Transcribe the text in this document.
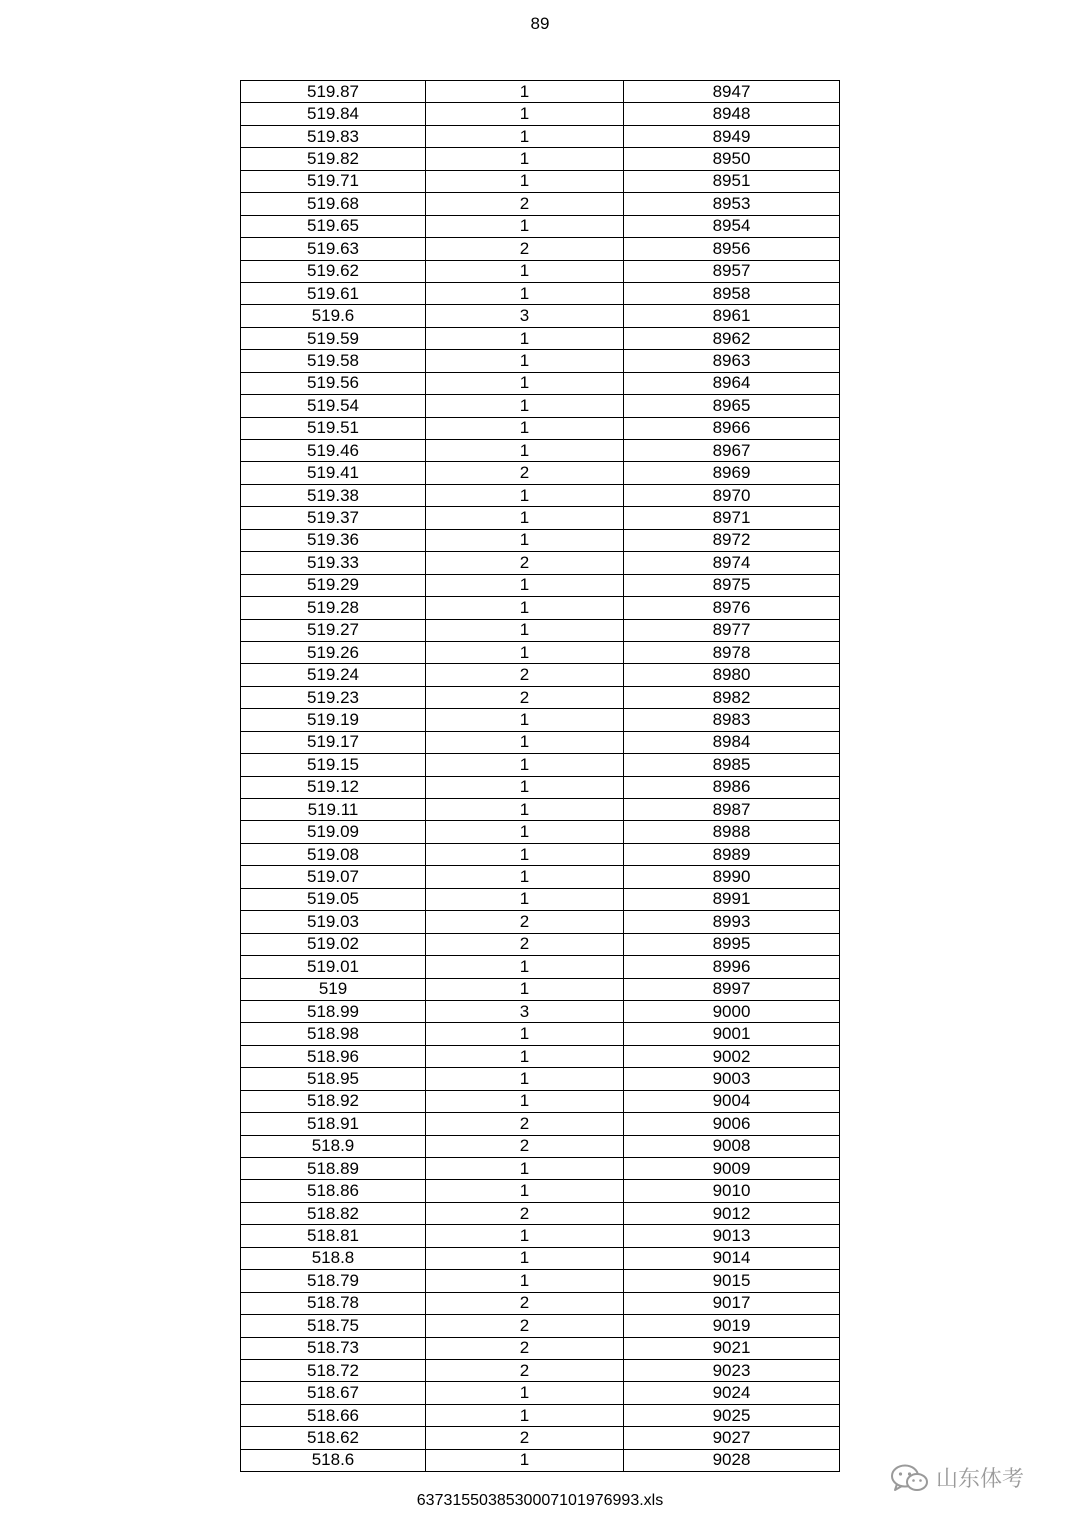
89
519.87	1	8947
519.84	1	8948
519.83	1	8949
519.82	1	8950
519.71	1	8951
519.68	2	8953
519.65	1	8954
519.63	2	8956
519.62	1	8957
519.61	1	8958
519.6	3	8961
519.59	1	8962
519.58	1	8963
519.56	1	8964
519.54	1	8965
519.51	1	8966
519.46	1	8967
519.41	2	8969
519.38	1	8970
519.37	1	8971
519.36	1	8972
519.33	2	8974
519.29	1	8975
519.28	1	8976
519.27	1	8977
519.26	1	8978
519.24	2	8980
519.23	2	8982
519.19	1	8983
519.17	1	8984
519.15	1	8985
519.12	1	8986
519.11	1	8987
519.09	1	8988
519.08	1	8989
519.07	1	8990
519.05	1	8991
519.03	2	8993
519.02	2	8995
519.01	1	8996
519	1	8997
518.99	3	9000
518.98	1	9001
518.96	1	9002
518.95	1	9003
518.92	1	9004
518.91	2	9006
518.9	2	9008
518.89	1	9009
518.86	1	9010
518.82	2	9012
518.81	1	9013
518.8	1	9014
518.79	1	9015
518.78	2	9017
518.75	2	9019
518.73	2	9021
518.72	2	9023
518.67	1	9024
518.66	1	9025
518.62	2	9027
518.6	1	9028
637315503853000710197​6993.xls
山东体考
